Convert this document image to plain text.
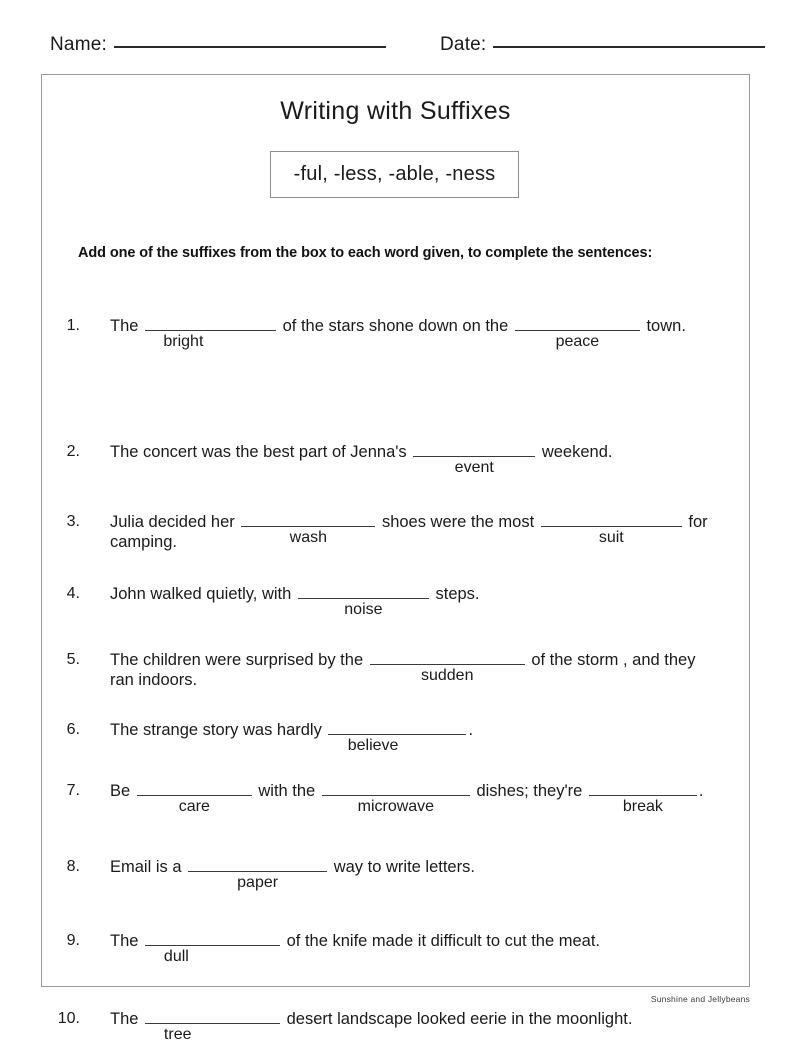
Name:	Date:
Writing with Suffixes
-ful, -less, -able, -ness
Add one of the suffixes from the box to each word given, to complete the sentences:
1. The
bright
of the stars shone down on the
peace
town.
2. The concert was the best part of Jenna's
event
weekend.
3. Julia decided her
wash
shoes were the most
suit
for
camping.
4. John walked quietly, with
noise
steps.
5. The children were surprised by the
sudden
of the storm , and they
ran indoors.
6. The strange story was hardly
believe
.
7. Be
care
with the
microwave
dishes; they're
break
.
8. Email is a
paper
way to write letters.
9. The
dull
of the knife made it difficult to cut the meat.
10. The
tree
desert landscape looked eerie in the moonlight.
Sunshine and Jellybeans
